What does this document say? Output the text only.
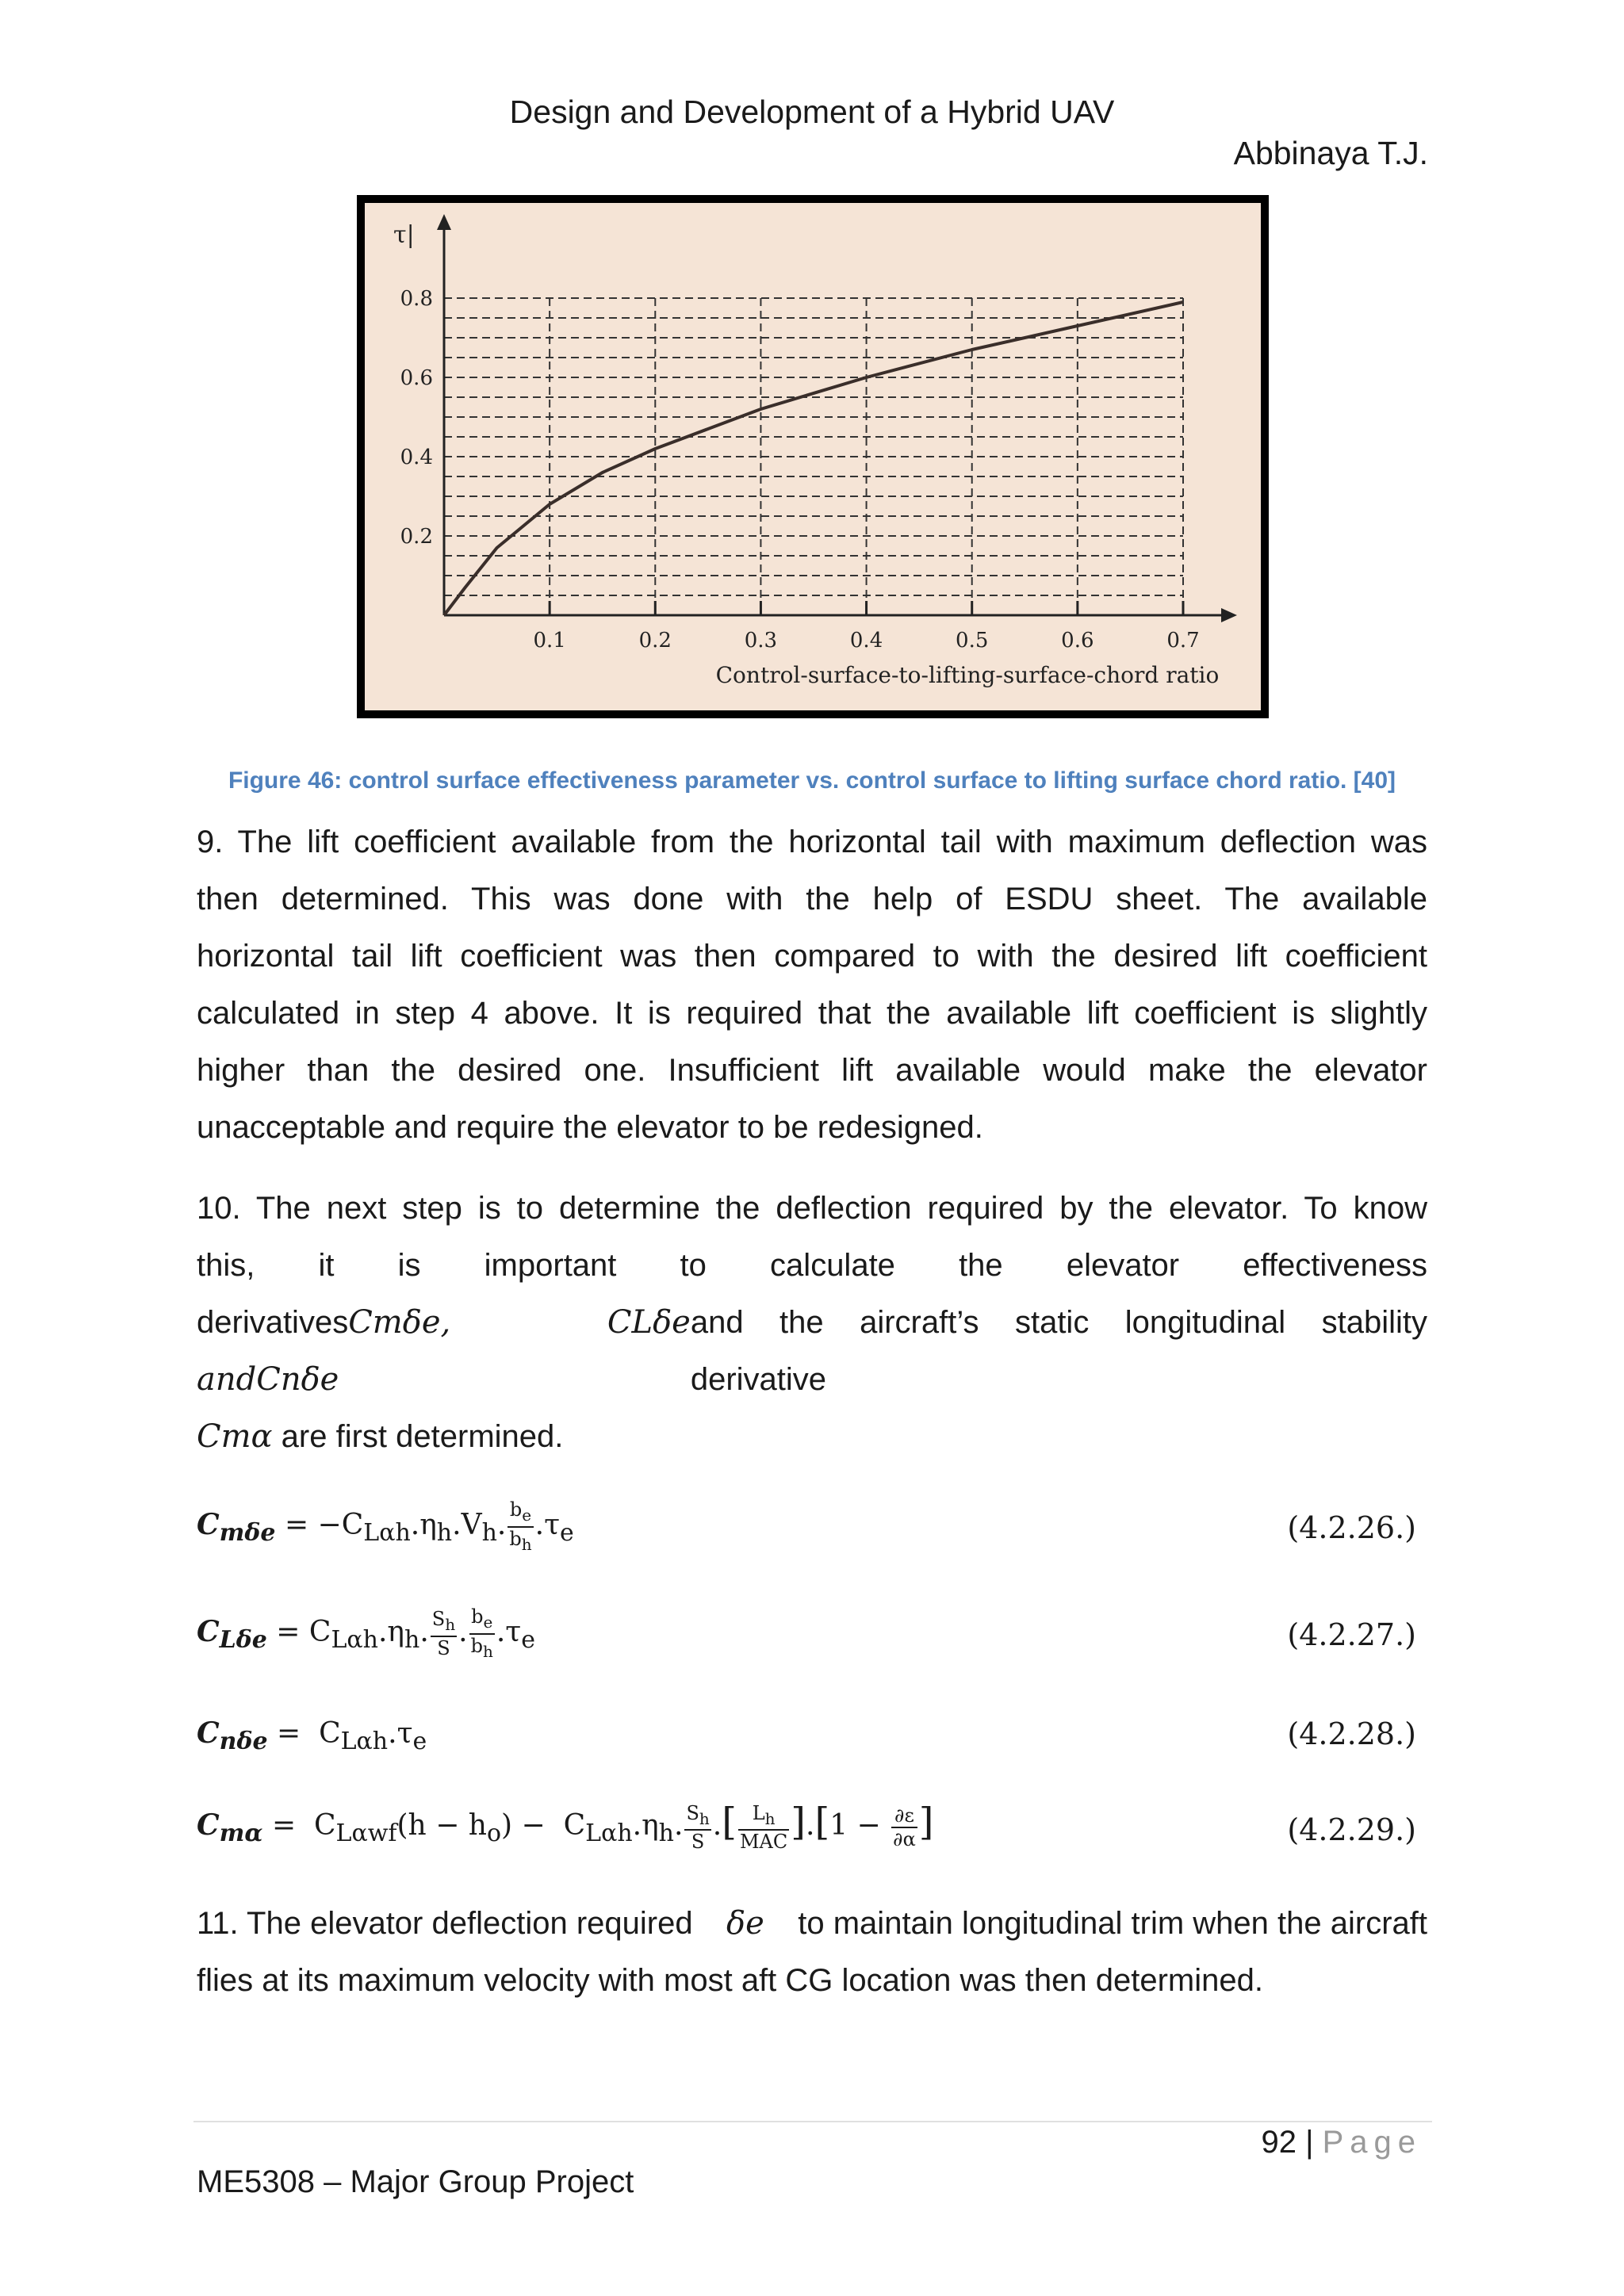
Design and Development of a Hybrid UAV
Abbinaya T.J.
0.1	0.2	0.3	0.4	0.5	0.6	0.7
0.2
0.4
0.6
0.8
τ|
Control-surface-to-lifting-surface-chord ratio
Figure 46: control surface effectiveness parameter vs. control surface to lifting surface chord ratio. [40]
9. The lift coefficient available from the horizontal tail with maximum deflection was
then determined. This was done with the help of ESDU sheet. The available
horizontal tail lift coefficient was then compared to with the desired lift coefficient
calculated in step 4 above. It is required that the available lift coefficient is slightly
higher than the desired one. Insufficient lift available would make the elevator
unacceptable and require the elevator to be redesigned.
10. The next step is to determine the deflection required by the elevator. To know
this, it is important to calculate the elevator effectiveness
derivativesCmδe, CLδe andCnδe
and the aircraft’s static longitudinal stability derivative
Cmα are first determined.
$C_{m\delta e} = -C_{L\alpha h}.\eta_h.V_h$. $\frac{b_e}{b_h} .\tau_e$	(4.2.26.)
$C_{L\delta e} = C_{L\alpha h}.\eta_h$. $\frac{S_h}{S}$ . $\frac{b_e}{b_h} .\tau_e$	(4.2.27.)
$C_{n\delta e} = C_{L\alpha h}.\tau_e$	(4.2.28.)
$C_{m\alpha} = C_{L\alpha wf}(h - h_o) - C_{L\alpha h}.\eta_h$. $\frac{S_h}{S}$ .[ $\frac{L_h}{\text{MAC}} ].[1 - \frac{\partial\varepsilon}{\partial\alpha}$ ]	(4.2.29.)
11. The elevator deflection required δe to maintain longitudinal trim when the aircraft
flies at its maximum velocity with most aft CG location was then determined.
92 | Page
ME5308 – Major Group Project
